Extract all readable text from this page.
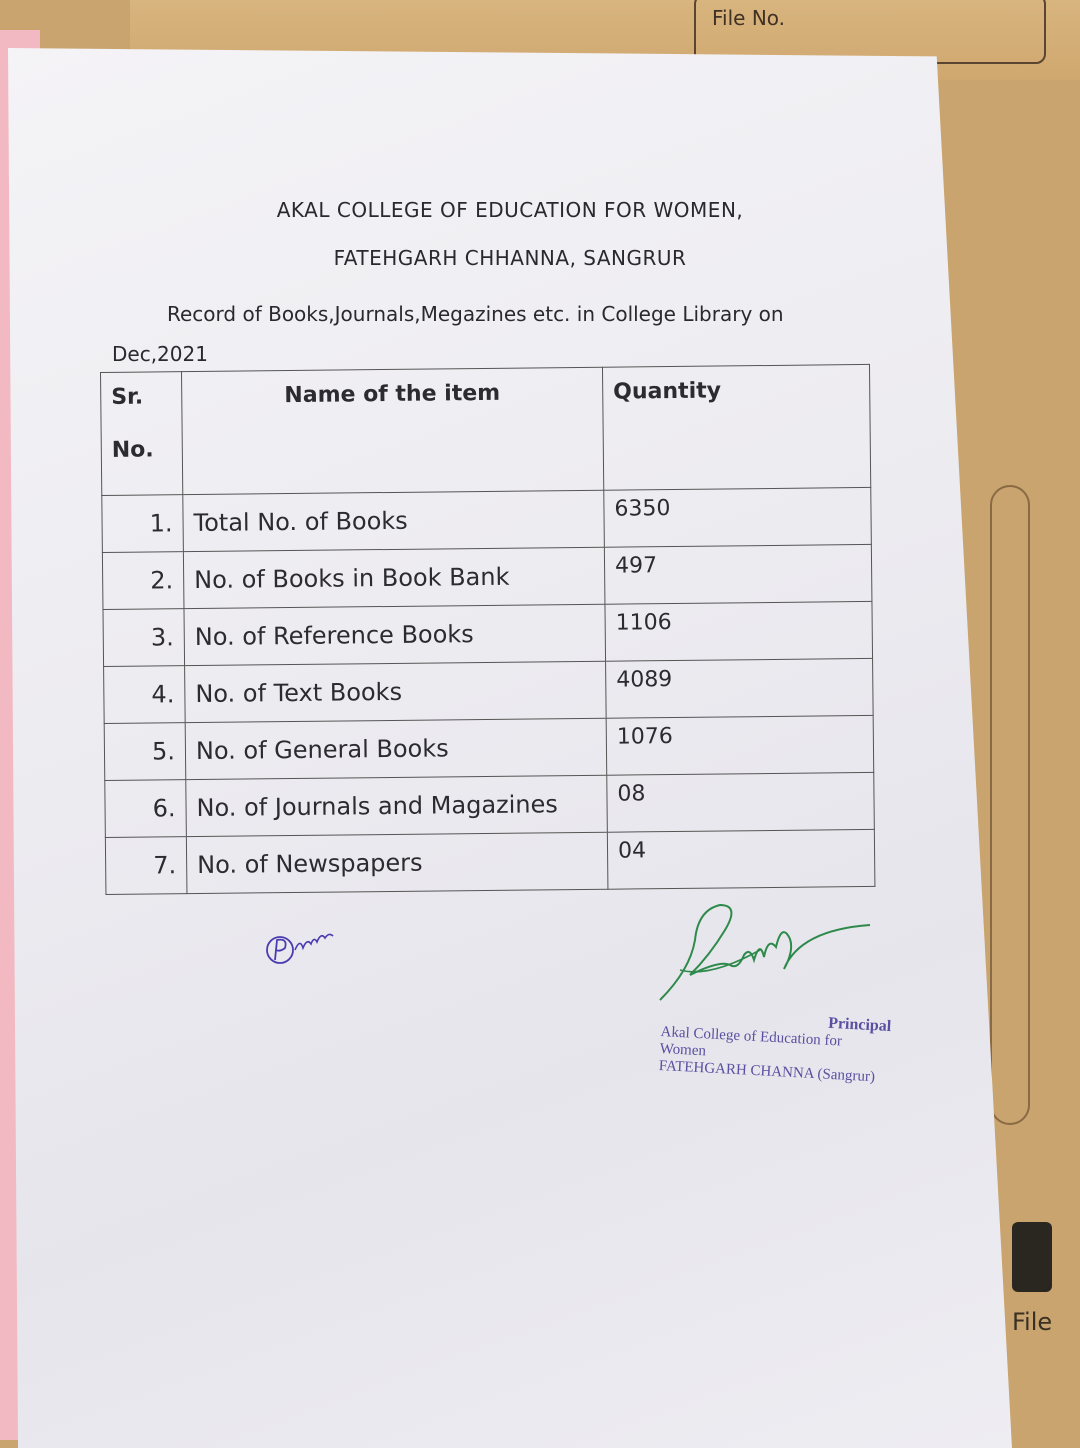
File No.
File
AKAL COLLEGE OF EDUCATION FOR WOMEN,
FATEHGARH CHHANNA, SANGRUR
Record of Books,Journals,Megazines etc. in College Library on Dec,2021
Sr.
No.	Name of the item	Quantity
1.	Total No. of Books	6350
2.	No. of Books in Book Bank	497
3.	No. of Reference Books	1106
4.	No. of Text Books	4089
5.	No. of General Books	1076
6.	No. of Journals and Magazines	08
7.	No. of Newspapers	04
Principal
Akal College of Education for Women
FATEHGARH CHANNA (Sangrur)
